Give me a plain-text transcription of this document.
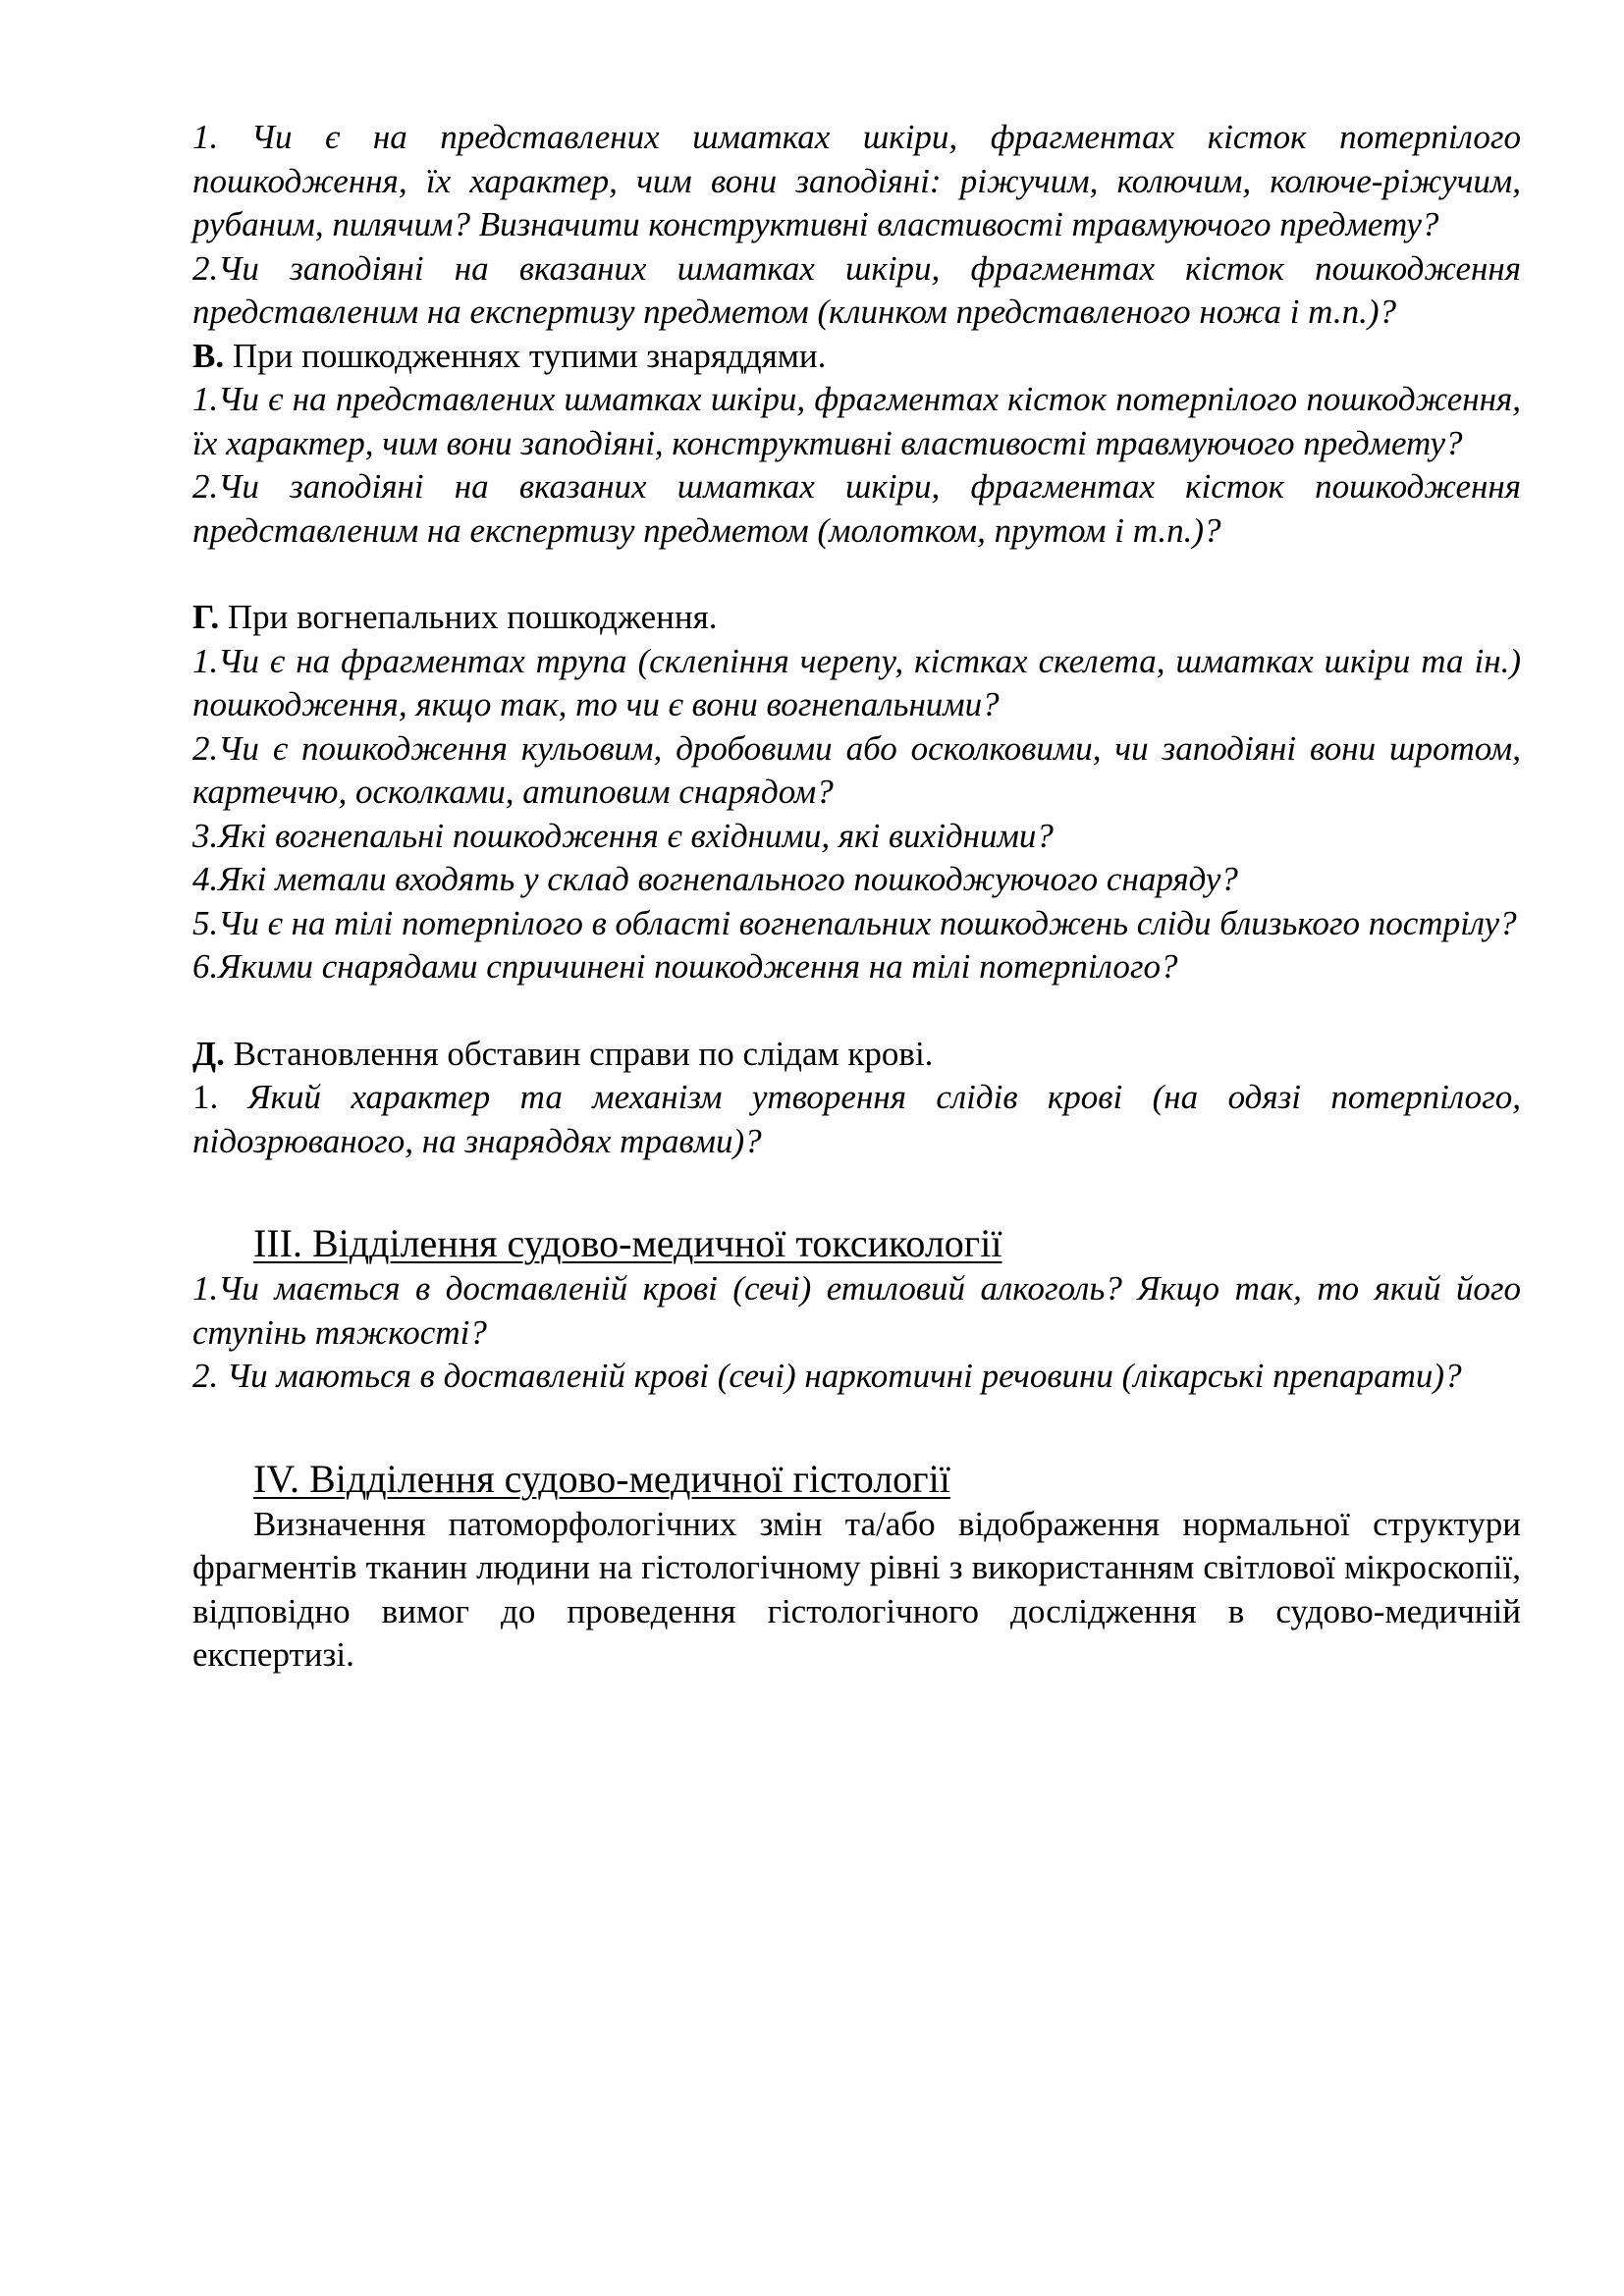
1. Чи є на представлених шматках шкіри, фрагментах кісток потерпілого пошкодження, їх характер, чим вони заподіяні: ріжучим, колючим, колюче-ріжучим, рубаним, пилячим? Визначити конструктивні властивості травмуючого предмету?

2.Чи заподіяні на вказаних шматках шкіри, фрагментах кісток пошкодження представленим на експертизу предметом (клинком представленого ножа і т.п.)?

В. При пошкодженнях тупими знаряддями.

1.Чи є на представлених шматках шкіри, фрагментах кісток потерпілого пошкодження, їх характер, чим вони заподіяні, конструктивні властивості травмуючого предмету?

2.Чи заподіяні на вказаних шматках шкіри, фрагментах кісток пошкодження представленим на експертизу предметом (молотком, прутом і т.п.)?

Г. При вогнепальних пошкодження.

1.Чи є на фрагментах трупа (склепіння черепу, кістках скелета, шматках шкіри та ін.) пошкодження, якщо так, то чи є вони вогнепальними?

2.Чи є пошкодження кульовим, дробовими або осколковими, чи заподіяні вони шротом, картеччю, осколками, атиповим снарядом?

3.Які вогнепальні пошкодження є вхідними, які вихідними?

4.Які метали входять у склад вогнепального пошкоджуючого снаряду?

5.Чи є на тілі потерпілого в області вогнепальних пошкоджень сліди близького пострілу?

6.Якими снарядами спричинені пошкодження на тілі потерпілого?

Д. Встановлення обставин справи по слідам крові.

1. Який характер та механізм утворення слідів крові (на одязі потерпілого, підозрюваного, на знаряддях травми)?

ІІІ. Відділення судово-медичної токсикології

1.Чи мається в доставленій крові (сечі) етиловий алкоголь? Якщо так, то який його ступінь тяжкості?

2. Чи маються в доставленій крові (сечі) наркотичні речовини (лікарські препарати)?

IV. Відділення судово-медичної гістології

Визначення патоморфологічних змін та/або відображення нормальної структури фрагментів тканин людини на гістологічному рівні з використанням світлової мікроскопії, відповідно вимог до проведення гістологічного дослідження в судово-медичній експертизі.
